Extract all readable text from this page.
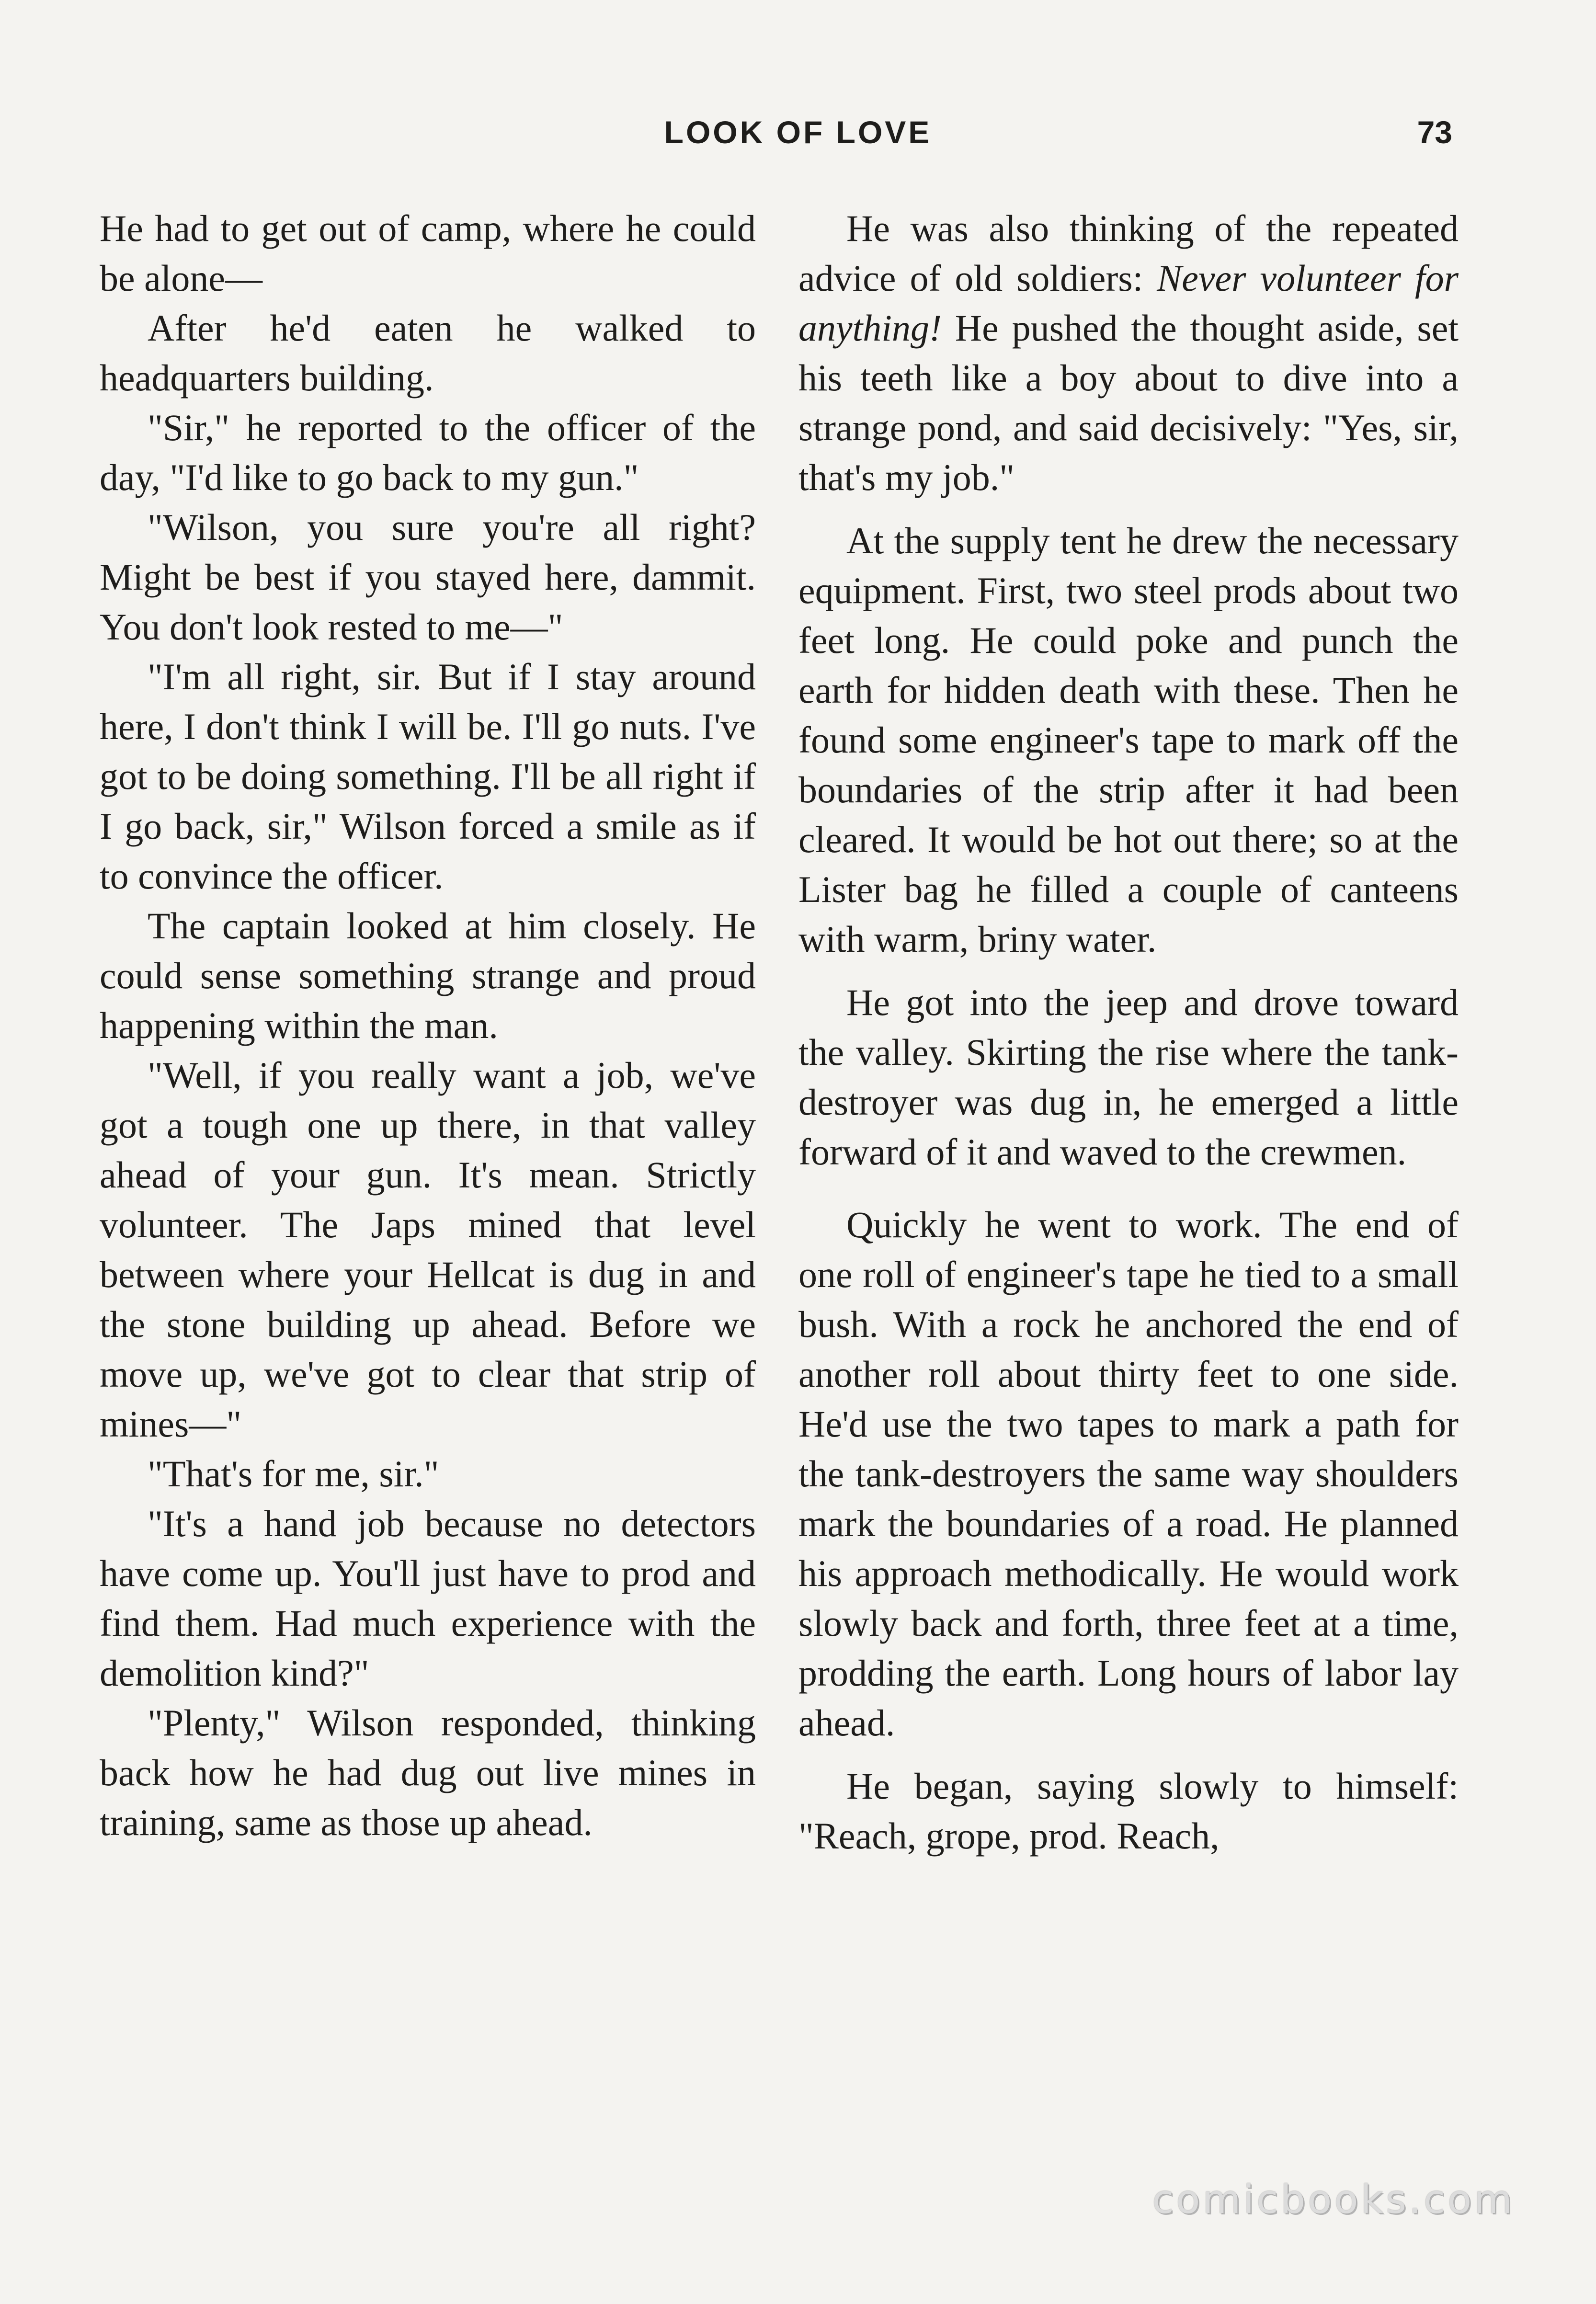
LOOK OF LOVE	73

He had to get out of camp, where he could be alone—

After he'd eaten he walked to headquarters building.

"Sir," he reported to the officer of the day, "I'd like to go back to my gun."

"Wilson, you sure you're all right? Might be best if you stayed here, dammit. You don't look rested to me—"

"I'm all right, sir. But if I stay around here, I don't think I will be. I'll go nuts. I've got to be doing something. I'll be all right if I go back, sir," Wilson forced a smile as if to convince the officer.

The captain looked at him closely. He could sense something strange and proud happening within the man.

"Well, if you really want a job, we've got a tough one up there, in that valley ahead of your gun. It's mean. Strictly volunteer. The Japs mined that level between where your Hellcat is dug in and the stone building up ahead. Before we move up, we've got to clear that strip of mines—"

"That's for me, sir."

"It's a hand job because no detectors have come up. You'll just have to prod and find them. Had much experience with the demolition kind?"

"Plenty," Wilson responded, thinking back how he had dug out live mines in training, same as those up ahead.

He was also thinking of the repeated advice of old soldiers: Never volunteer for anything! He pushed the thought aside, set his teeth like a boy about to dive into a strange pond, and said decisively: "Yes, sir, that's my job."

At the supply tent he drew the necessary equipment. First, two steel prods about two feet long. He could poke and punch the earth for hidden death with these. Then he found some engineer's tape to mark off the boundaries of the strip after it had been cleared. It would be hot out there; so at the Lister bag he filled a couple of canteens with warm, briny water.

He got into the jeep and drove toward the valley. Skirting the rise where the tank-destroyer was dug in, he emerged a little forward of it and waved to the crewmen.

Quickly he went to work. The end of one roll of engineer's tape he tied to a small bush. With a rock he anchored the end of another roll about thirty feet to one side. He'd use the two tapes to mark a path for the tank-destroyers the same way shoulders mark the boundaries of a road. He planned his approach methodically. He would work slowly back and forth, three feet at a time, prodding the earth. Long hours of labor lay ahead.

He began, saying slowly to himself: "Reach, grope, prod. Reach,

comicbooks.com
